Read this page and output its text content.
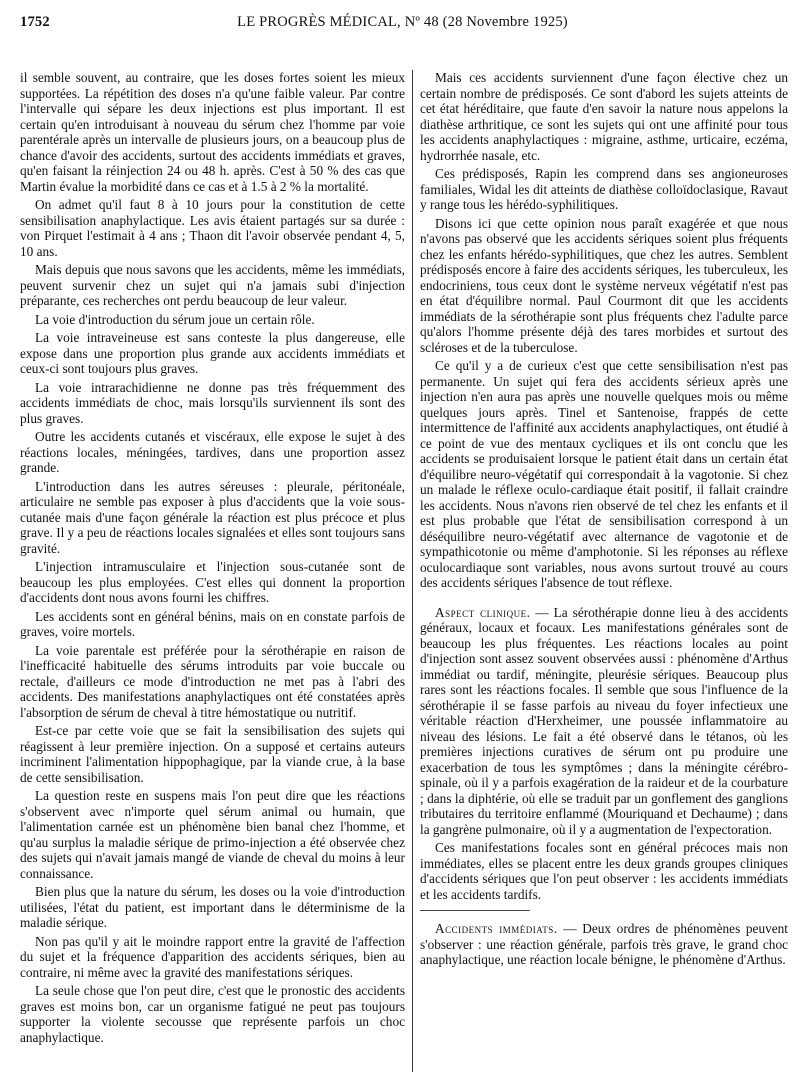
1752	LE PROGRÈS MÉDICAL, Nº 48 (28 Novembre 1925)

il semble souvent, au contraire, que les doses fortes soient les mieux supportées. La répétition des doses n'a qu'une faible valeur. Par contre l'intervalle qui sépare les deux injections est plus important. Il est certain qu'en introduisant à nouveau du sérum chez l'homme par voie parentérale après un intervalle de plusieurs jours, on a beaucoup plus de chance d'avoir des accidents, surtout des accidents immédiats et graves, qu'en faisant la réinjection 24 ou 48 h. après. C'est à 50 % des cas que Martin évalue la morbidité dans ce cas et à 1.5 à 2 % la mortalité.

On admet qu'il faut 8 à 10 jours pour la constitution de cette sensibilisation anaphylactique. Les avis étaient partagés sur sa durée : von Pirquet l'estimait à 4 ans ; Thaon dit l'avoir observée pendant 4, 5, 10 ans.

Mais depuis que nous savons que les accidents, même les immédiats, peuvent survenir chez un sujet qui n'a jamais subi d'injection préparante, ces recherches ont perdu beaucoup de leur valeur.

La voie d'introduction du sérum joue un certain rôle.

La voie intraveineuse est sans conteste la plus dangereuse, elle expose dans une proportion plus grande aux accidents immédiats et ceux-ci sont toujours plus graves.

La voie intrarachidienne ne donne pas très fréquemment des accidents immédiats de choc, mais lorsqu'ils surviennent ils sont des plus graves.

Outre les accidents cutanés et viscéraux, elle expose le sujet à des réactions locales, méningées, tardives, dans une proportion assez grande.

L'introduction dans les autres séreuses : pleurale, péritonéale, articulaire ne semble pas exposer à plus d'accidents que la voie sous-cutanée mais d'une façon générale la réaction est plus précoce et plus grave. Il y a peu de réactions locales signalées et elles sont toujours sans gravité.

L'injection intramusculaire et l'injection sous-cutanée sont de beaucoup les plus employées. C'est elles qui donnent la proportion d'accidents dont nous avons fourni les chiffres.

Les accidents sont en général bénins, mais on en constate parfois de graves, voire mortels.

La voie parentale est préférée pour la sérothérapie en raison de l'inefficacité habituelle des sérums introduits par voie buccale ou rectale, d'ailleurs ce mode d'introduction ne met pas à l'abri des accidents. Des manifestations anaphylactiques ont été constatées après l'absorption de sérum de cheval à titre hémostatique ou nutritif.

Est-ce par cette voie que se fait la sensibilisation des sujets qui réagissent à leur première injection. On a supposé et certains auteurs incriminent l'alimentation hippophagique, par la viande crue, à la base de cette sensibilisation.

La question reste en suspens mais l'on peut dire que les réactions s'observent avec n'importe quel sérum animal ou humain, que l'alimentation carnée est un phénomène bien banal chez l'homme, et qu'au surplus la maladie sérique de primo-injection a été observée chez des sujets qui n'avait jamais mangé de viande de cheval du moins à leur connaissance.

Bien plus que la nature du sérum, les doses ou la voie d'introduction utilisées, l'état du patient, est important dans le déterminisme de la maladie sérique.

Non pas qu'il y ait le moindre rapport entre la gravité de l'affection du sujet et la fréquence d'apparition des accidents sériques, bien au contraire, ni même avec la gravité des manifestations sériques.

La seule chose que l'on peut dire, c'est que le pronostic des accidents graves est moins bon, car un organisme fatigué ne peut pas toujours supporter la violente secousse que représente parfois un choc anaphylactique.

Mais ces accidents surviennent d'une façon élective chez un certain nombre de prédisposés. Ce sont d'abord les sujets atteints de cet état héréditaire, que faute d'en savoir la nature nous appelons la diathèse arthritique, ce sont les sujets qui ont une affinité pour tous les accidents anaphylactiques : migraine, asthme, urticaire, eczéma, hydrorrhée nasale, etc.

Ces prédisposés, Rapin les comprend dans ses angioneuroses familiales, Widal les dit atteints de diathèse colloïdoclasique, Ravaut y range tous les hérédo-syphilitiques.

Disons ici que cette opinion nous paraît exagérée et que nous n'avons pas observé que les accidents sériques soient plus fréquents chez les enfants hérédo-syphilitiques, que chez les autres. Semblent prédisposés encore à faire des accidents sériques, les tuberculeux, les endocriniens, tous ceux dont le système nerveux végétatif n'est pas en état d'équilibre normal. Paul Courmont dit que les accidents immédiats de la sérothérapie sont plus fréquents chez l'adulte parce qu'alors l'homme présente déjà des tares morbides et surtout des scléroses et de la tuberculose.

Ce qu'il y a de curieux c'est que cette sensibilisation n'est pas permanente. Un sujet qui fera des accidents sérieux après une injection n'en aura pas après une nouvelle quelques mois ou même quelques jours après. Tinel et Santenoise, frappés de cette intermittence de l'affinité aux accidents anaphylactiques, ont étudié à ce point de vue des mentaux cycliques et ils ont conclu que les accidents se produisaient lorsque le patient était dans un certain état d'équilibre neuro-végétatif qui correspondait à la vagotonie. Si chez un malade le réflexe oculo-cardiaque était positif, il fallait craindre les accidents. Nous n'avons rien observé de tel chez les enfants et il est plus probable que l'état de sensibilisation correspond à un déséquilibre neuro-végétatif avec alternance de vagotonie et de sympathicotonie ou même d'amphotonie. Si les réponses au réflexe oculocardiaque sont variables, nous avons surtout trouvé au cours des accidents sériques l'absence de tout réflexe.

Aspect clinique. — La sérothérapie donne lieu à des accidents généraux, locaux et focaux. Les manifestations générales sont de beaucoup les plus fréquentes. Les réactions locales au point d'injection sont assez souvent observées aussi : phénomène d'Arthus immédiat ou tardif, méningite, pleurésie sériques. Beaucoup plus rares sont les réactions focales. Il semble que sous l'influence de la sérothérapie il se fasse parfois au niveau du foyer infectieux une véritable réaction d'Herxheimer, une poussée inflammatoire au niveau des lésions. Le fait a été observé dans le tétanos, où les premières injections curatives de sérum ont pu produire une exacerbation de tous les symptômes ; dans la méningite cérébro-spinale, où il y a parfois exagération de la raideur et de la courbature ; dans la diphtérie, où elle se traduit par un gonflement des ganglions tributaires du territoire enflammé (Mouriquand et Dechaume) ; dans la gangrène pulmonaire, où il y a augmentation de l'expectoration.

Ces manifestations focales sont en général précoces mais non immédiates, elles se placent entre les deux grands groupes cliniques d'accidents sériques que l'on peut observer : les accidents immédiats et les accidents tardifs.

Accidents immédiats. — Deux ordres de phénomènes peuvent s'observer : une réaction générale, parfois très grave, le grand choc anaphylactique, une réaction locale bénigne, le phénomène d'Arthus.
